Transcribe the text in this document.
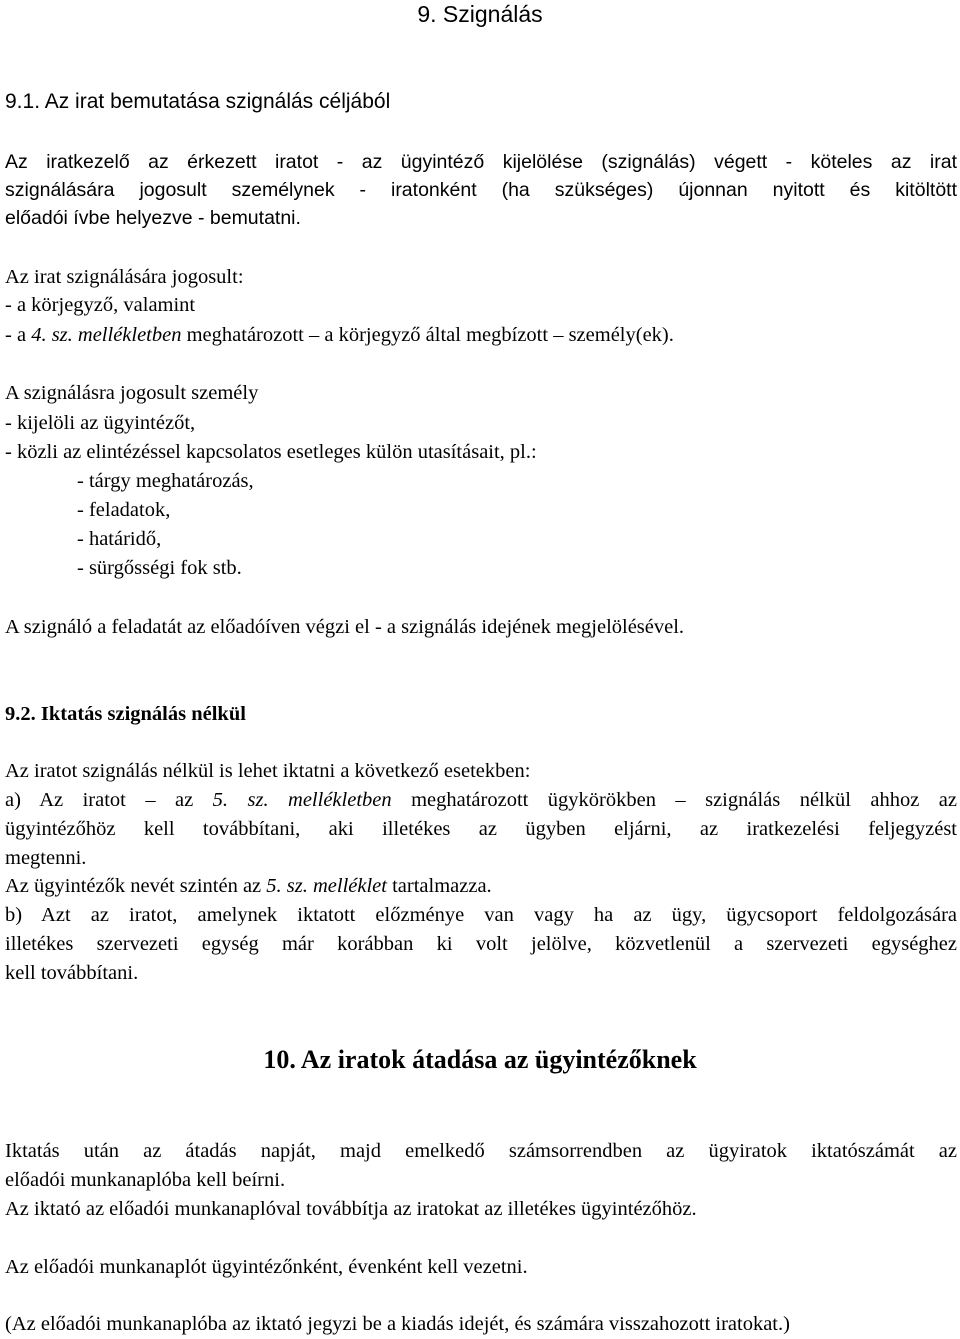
9. Szignálás
9.1. Az irat bemutatása szignálás céljából
Az iratkezelő az érkezett iratot - az ügyintéző kijelölése (szignálás) végett - köteles az irat
szignálására jogosult személynek - iratonként (ha szükséges) újonnan nyitott és kitöltött
előadói ívbe helyezve - bemutatni.
Az irat szignálására jogosult:
- a körjegyző, valamint
- a 4. sz. mellékletben meghatározott – a körjegyző által megbízott – személy(ek).
A szignálásra jogosult személy
- kijelöli az ügyintézőt,
- közli az elintézéssel kapcsolatos esetleges külön utasításait, pl.:
- tárgy meghatározás,
- feladatok,
- határidő,
- sürgősségi fok stb.
A szignáló a feladatát az előadóíven végzi el - a szignálás idejének megjelölésével.
9.2. Iktatás szignálás nélkül
Az iratot szignálás nélkül is lehet iktatni a következő esetekben:
a) Az iratot – az 5. sz. mellékletben meghatározott ügykörökben – szignálás nélkül ahhoz az
ügyintézőhöz kell továbbítani, aki illetékes az ügyben eljárni, az iratkezelési feljegyzést
megtenni.
Az ügyintézők nevét szintén az 5. sz. melléklet tartalmazza.
b) Azt az iratot, amelynek iktatott előzménye van vagy ha az ügy, ügycsoport feldolgozására
illetékes szervezeti egység már korábban ki volt jelölve, közvetlenül a szervezeti egységhez
kell továbbítani.
10. Az iratok átadása az ügyintézőknek
Iktatás után az átadás napját, majd emelkedő számsorrendben az ügyiratok iktatószámát az
előadói munkanaplóba kell beírni.
Az iktató az előadói munkanaplóval továbbítja az iratokat az illetékes ügyintézőhöz.
Az előadói munkanaplót ügyintézőnként, évenként kell vezetni.
(Az előadói munkanaplóba az iktató jegyzi be a kiadás idejét, és számára visszahozott iratokat.)
